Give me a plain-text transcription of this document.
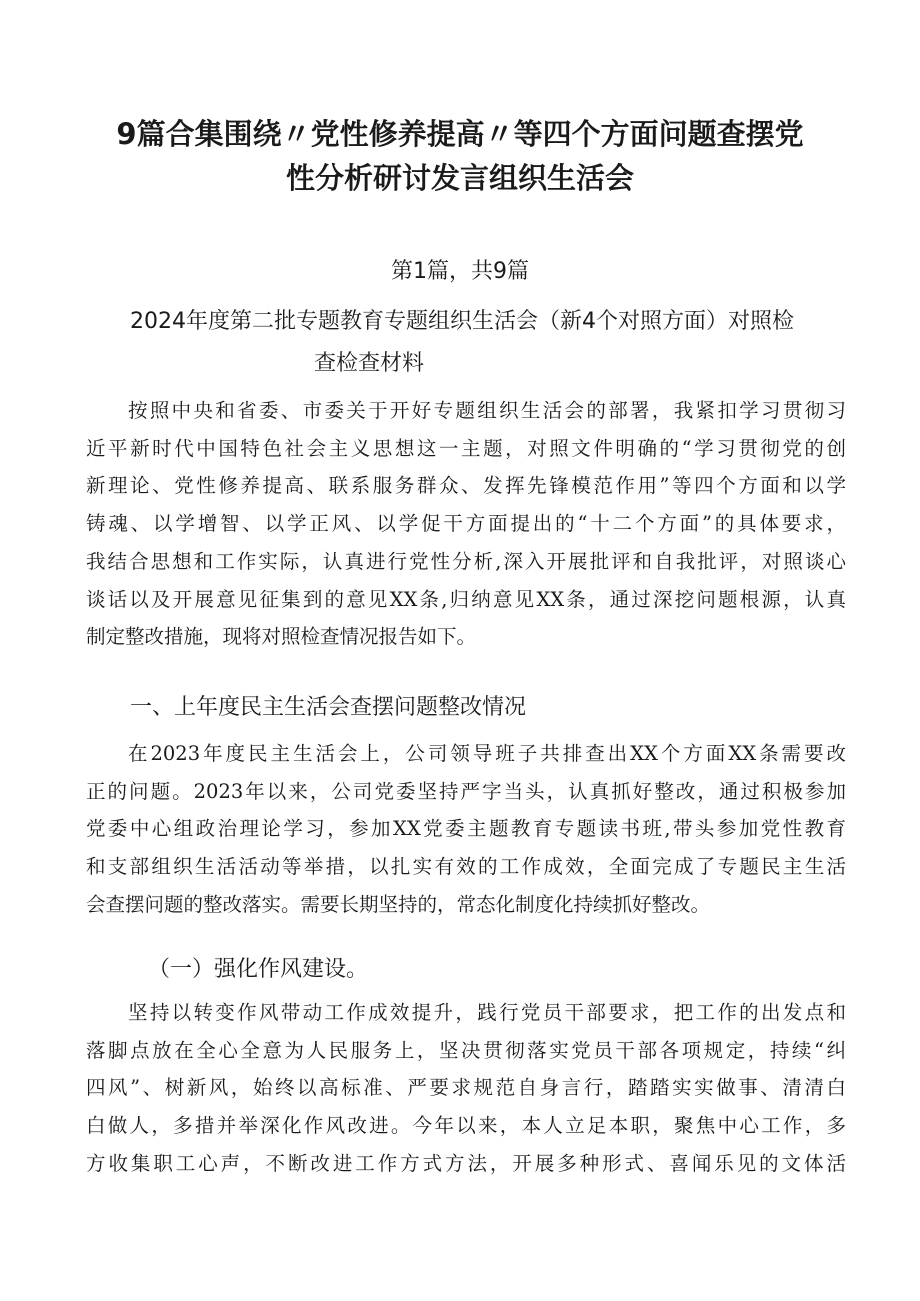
9篇合集围绕〃党性修养提高〃等四个方面问题查摆党
性分析研讨发言组织生活会
第1篇，共9篇
2024年度第二批专题教育专题组织生活会（新4个对照方面）对照检
查检查材料
按照中央和省委、市委关于开好专题组织生活会的部署，我紧扣学习贯彻习
近平新时代中国特色社会主义思想这一主题，对照文件明确的“学习贯彻党的创
新理论、党性修养提高、联系服务群众、发挥先锋模范作用”等四个方面和以学
铸魂、以学增智、以学正风、以学促干方面提出的“十二个方面”的具体要求，
我结合思想和工作实际，认真进行党性分析,深入开展批评和自我批评，对照谈心
谈话以及开展意见征集到的意见XX条,归纳意见XX条，通过深挖问题根源，认真
制定整改措施，现将对照检查情况报告如下。
一、上年度民主生活会查摆问题整改情况
在2023年度民主生活会上，公司领导班子共排查出XX个方面XX条需要改
正的问题。2023年以来，公司党委坚持严字当头，认真抓好整改，通过积极参加
党委中心组政治理论学习，参加XX党委主题教育专题读书班,带头参加党性教育
和支部组织生活活动等举措，以扎实有效的工作成效，全面完成了专题民主生活
会查摆问题的整改落实。需要长期坚持的，常态化制度化持续抓好整改。
（一）强化作风建设。
坚持以转变作风带动工作成效提升，践行党员干部要求，把工作的出发点和
落脚点放在全心全意为人民服务上，坚决贯彻落实党员干部各项规定，持续“纠
四风”、树新风，始终以高标准、严要求规范自身言行，踏踏实实做事、清清白
白做人，多措并举深化作风改进。今年以来，本人立足本职，聚焦中心工作，多
方收集职工心声，不断改进工作方式方法，开展多种形式、喜闻乐见的文体活
